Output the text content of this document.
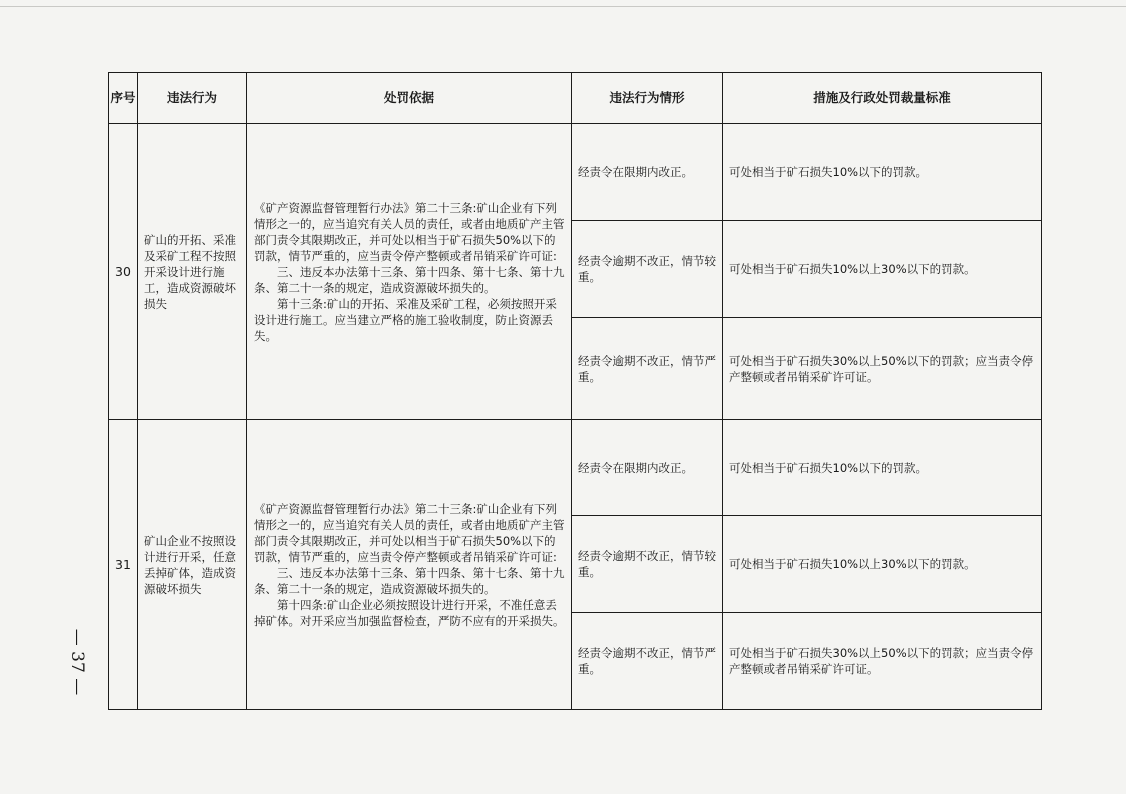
序号	违法行为	处罚依据	违法行为情形	措施及行政处罚裁量标准
30	矿山的开拓、采准及采矿工程不按照开采设计进行施工，造成资源破坏损失	《矿产资源监督管理暂行办法》第二十三条:矿山企业有下列情形之一的，应当追究有关人员的责任，或者由地质矿产主管部门责令其限期改正，并可处以相当于矿石损失50%以下的罚款，情节严重的，应当责令停产整顿或者吊销采矿许可证:
三、违反本办法第十三条、第十四条、第十七条、第十九条、第二十一条的规定，造成资源破坏损失的。
第十三条:矿山的开拓、采准及采矿工程，必须按照开采设计进行施工。应当建立严格的施工验收制度，防止资源丢失。	经责令在限期内改正。	可处相当于矿石损失10%以下的罚款。
			经责令逾期不改正，情节较重。	可处相当于矿石损失10%以上30%以下的罚款。
			经责令逾期不改正，情节严重。	可处相当于矿石损失30%以上50%以下的罚款；应当责令停产整顿或者吊销采矿许可证。
31	矿山企业不按照设计进行开采，任意丢掉矿体，造成资源破坏损失	《矿产资源监督管理暂行办法》第二十三条:矿山企业有下列情形之一的，应当追究有关人员的责任，或者由地质矿产主管部门责令其限期改正，并可处以相当于矿石损失50%以下的罚款，情节严重的，应当责令停产整顿或者吊销采矿许可证:
三、违反本办法第十三条、第十四条、第十七条、第十九条、第二十一条的规定，造成资源破坏损失的。
第十四条:矿山企业必须按照设计进行开采，不准任意丢掉矿体。对开采应当加强监督检查，严防不应有的开采损失。	经责令在限期内改正。	可处相当于矿石损失10%以下的罚款。
			经责令逾期不改正，情节较重。	可处相当于矿石损失10%以上30%以下的罚款。
			经责令逾期不改正，情节严重。	可处相当于矿石损失30%以上50%以下的罚款；应当责令停产整顿或者吊销采矿许可证。
— 37 —
